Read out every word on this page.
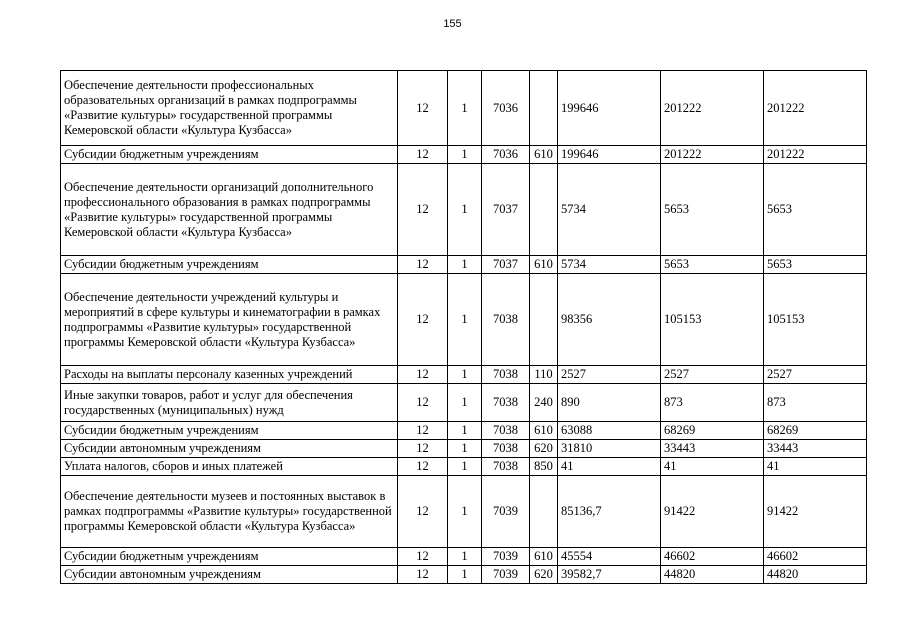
155
Обеспечение деятельности профессиональных образовательных организаций в рамках подпрограммы «Развитие культуры» государственной программы Кемеровской области «Культура Кузбасса»	12	1	7036		199646	201222	201222
Субсидии бюджетным учреждениям	12	1	7036	610	199646	201222	201222
Обеспечение деятельности организаций дополнительного профессионального образования в рамках подпрограммы «Развитие культуры» государственной программы Кемеровской области «Культура Кузбасса»	12	1	7037		5734	5653	5653
Субсидии бюджетным учреждениям	12	1	7037	610	5734	5653	5653
Обеспечение деятельности учреждений культуры и мероприятий в сфере культуры и кинематографии в рамках подпрограммы «Развитие культуры» государственной программы Кемеровской области «Культура Кузбасса»	12	1	7038		98356	105153	105153
Расходы на выплаты персоналу казенных учреждений	12	1	7038	110	2527	2527	2527
Иные закупки товаров, работ и услуг для обеспечения государственных (муниципальных) нужд	12	1	7038	240	890	873	873
Субсидии бюджетным учреждениям	12	1	7038	610	63088	68269	68269
Субсидии автономным учреждениям	12	1	7038	620	31810	33443	33443
Уплата налогов, сборов и иных платежей	12	1	7038	850	41	41	41
Обеспечение деятельности музеев и постоянных выставок в рамках подпрограммы «Развитие культуры» государственной программы Кемеровской области «Культура Кузбасса»	12	1	7039		85136,7	91422	91422
Субсидии бюджетным учреждениям	12	1	7039	610	45554	46602	46602
Субсидии автономным учреждениям	12	1	7039	620	39582,7	44820	44820
